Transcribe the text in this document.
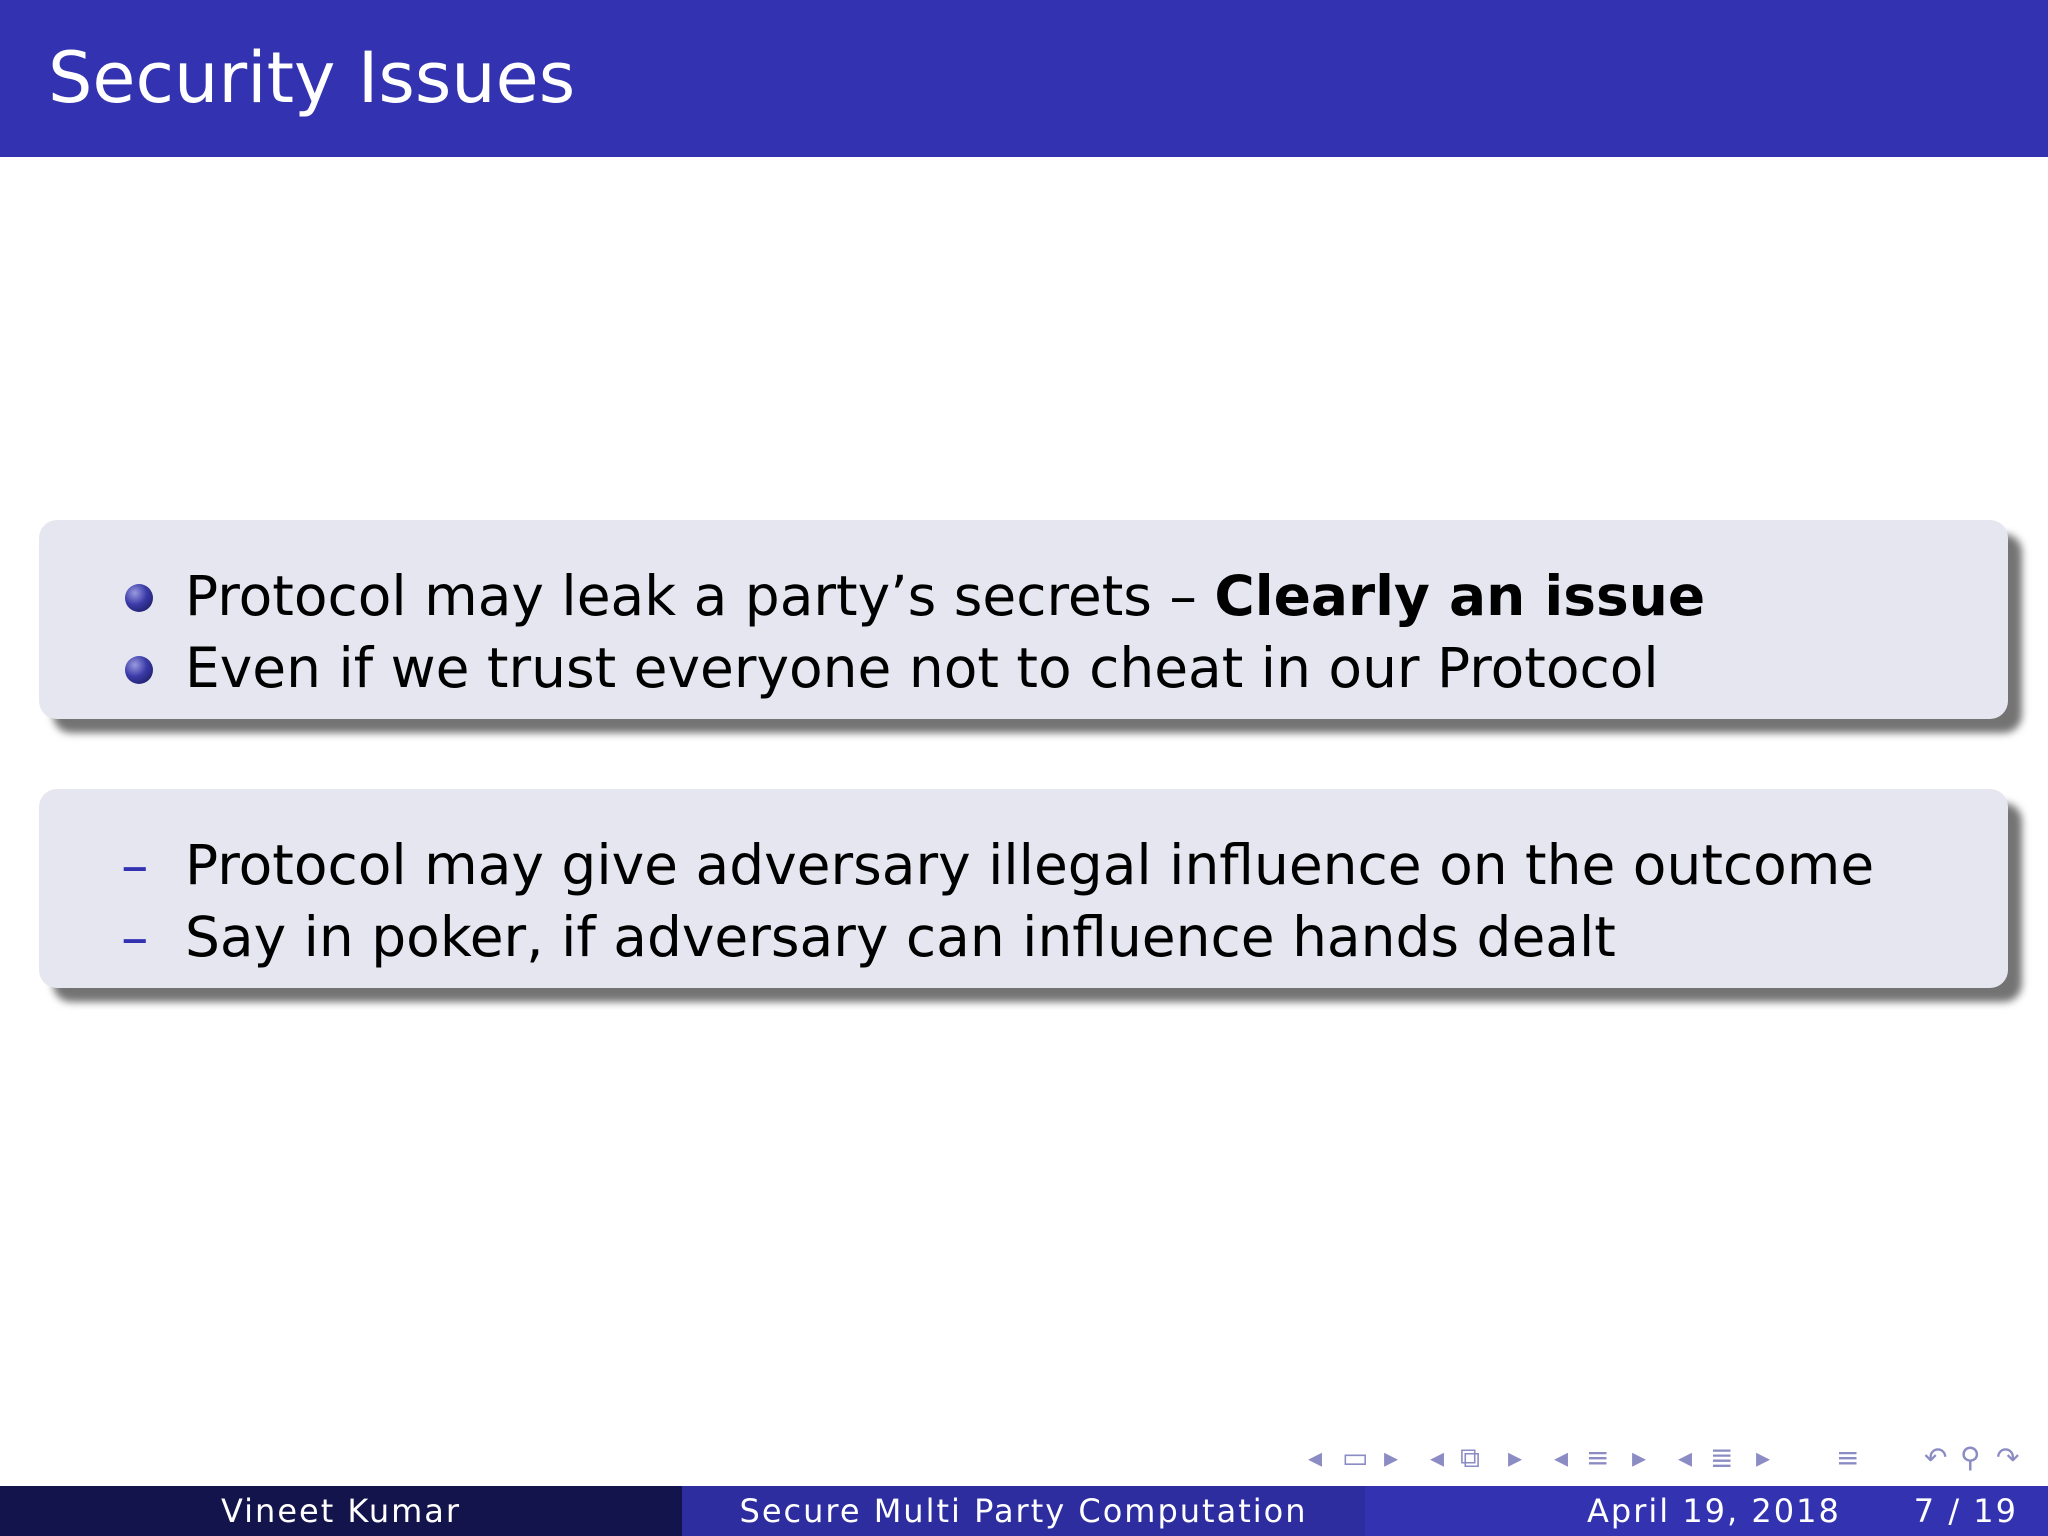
Security Issues
Protocol may leak a party’s secrets – Clearly an issue
Even if we trust everyone not to cheat in our Protocol
– Protocol may give adversary illegal influence on the outcome
– Say in poker, if adversary can influence hands dealt
◂ ▭ ▸ ◂ ⧉ ▸ ◂ ≡ ▸ ◂ ≣ ▸ ≡ ↶ ⚲ ↷
Vineet Kumar	Secure Multi Party Computation	April 19, 2018 7 / 19
